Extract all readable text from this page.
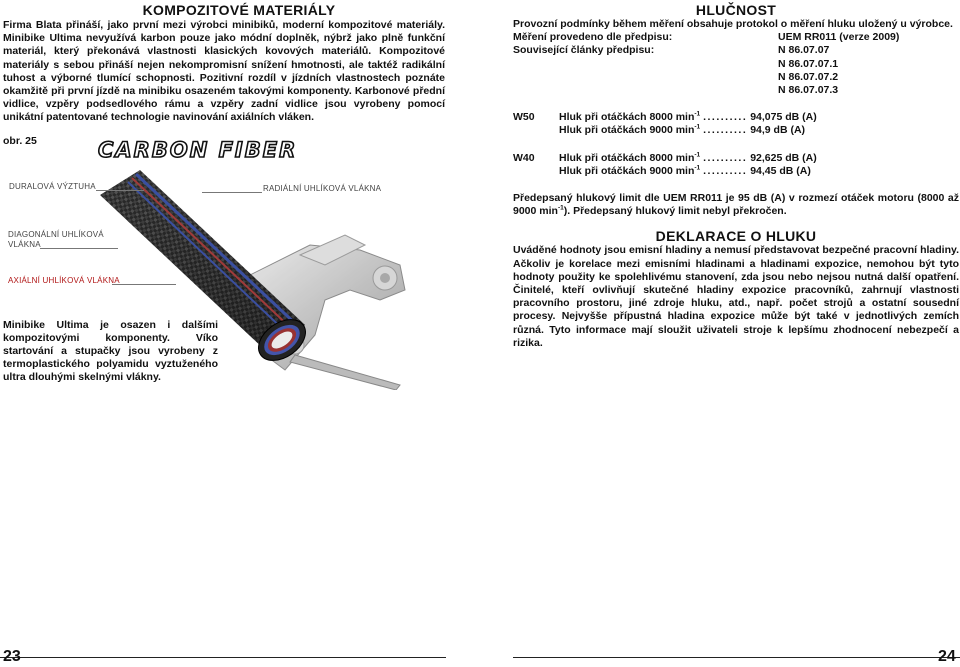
KOMPOZITOVÉ MATERIÁLY

Firma Blata přináší, jako první mezi výrobci minibiků, moderní kompozitové materiály. Minibike Ultima nevyužívá karbon pouze jako módní doplněk, nýbrž jako plně funkční materiál, který překonává vlastnosti klasických kovových materiálů. Kompozitové materiály s sebou přináší nejen nekompromisní snížení hmotnosti, ale taktéž radikální tuhost a výborné tlumící schopnosti. Pozitivní rozdíl v jízdních vlastnostech poznáte okamžitě při první jízdě na minibiku osazeném takovými komponenty. Karbonové přední vidlice, vzpěry podsedlového rámu a vzpěry zadní vidlice jsou vyrobeny pomocí unikátní patentované technologie navinování axiálních vláken.

obr. 25	CARBON FIBER
DURALOVÁ VÝZTUHA	RADIÁLNÍ UHLÍKOVÁ VLÁKNA
DIAGONÁLNÍ UHLÍKOVÁ
VLÁKNA
AXIÁLNÍ UHLÍKOVÁ VLÁKNA

Minibike Ultima je osazen i dalšími kompozitovými komponenty. Víko startování a stupačky jsou vyrobeny z termoplastického polyamidu vyztuženého ultra dlouhými skelnými vlákny.

23
HLUČNOST

Provozní podmínky během měření obsahuje protokol o měření hluku uložený u výrobce.

Měření provedeno dle předpisu:	UEM RR011 (verze 2009)
Související články předpisu:	N 86.07.07
N 86.07.07.1
N 86.07.07.2
N 86.07.07.3
W50 Hluk při otáčkách 8000 $\min^{-1}$ .......... 94,075 dB (A)
Hluk při otáčkách 9000 $\min^{-1}$ .......... 94,9 dB (A)
W40 Hluk při otáčkách 8000 $\min^{-1}$ .......... 92,625 dB (A)
Hluk při otáčkách 9000 $\min^{-1}$ .......... 94,45 dB (A)

Předepsaný hlukový limit dle UEM RR011 je 95 dB (A) v rozmezí otáček motoru (8000 až 9000 $\min^{-1}$). Předepsaný hlukový limit nebyl překročen.

DEKLARACE O HLUKU

Uváděné hodnoty jsou emisní hladiny a nemusí představovat bezpečné pracovní hladiny. Ačkoliv je korelace mezi emisními hladinami a hladinami expozice, nemohou být tyto hodnoty použity ke spolehlivému stanovení, zda jsou nebo nejsou nutná další opatření. Činitelé, kteří ovlivňují skutečné hladiny expozice pracovníků, zahrnují vlastnosti pracovního prostoru, jiné zdroje hluku, atd., např. počet strojů a ostatní sousední procesy. Nejvyšše přípustná hladina expozice může být také v jednotlivých zemích různá. Tyto informace mají sloužit uživateli stroje k lepšímu zhodnocení nebezpečí a rizika.

24
